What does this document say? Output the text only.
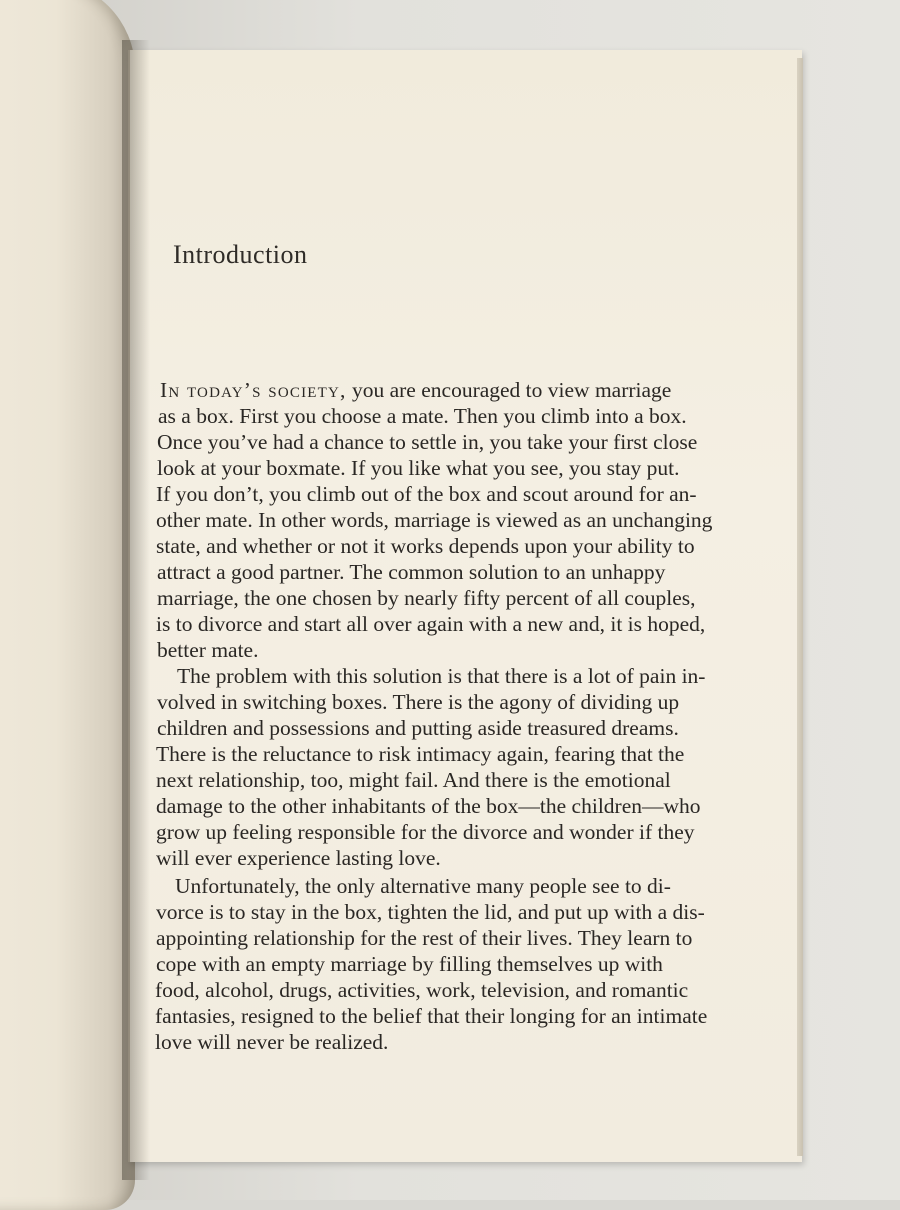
Introduction
In today’s society, you are encouraged to view marriage
as a box. First you choose a mate. Then you climb into a box.
Once you’ve had a chance to settle in, you take your first close
look at your boxmate. If you like what you see, you stay put.
If you don’t, you climb out of the box and scout around for an-
other mate. In other words, marriage is viewed as an unchanging
state, and whether or not it works depends upon your ability to
attract a good partner. The common solution to an unhappy
marriage, the one chosen by nearly fifty percent of all couples,
is to divorce and start all over again with a new and, it is hoped,
better mate.
The problem with this solution is that there is a lot of pain in-
volved in switching boxes. There is the agony of dividing up
children and possessions and putting aside treasured dreams.
There is the reluctance to risk intimacy again, fearing that the
next relationship, too, might fail. And there is the emotional
damage to the other inhabitants of the box—the children—who
grow up feeling responsible for the divorce and wonder if they
will ever experience lasting love.
Unfortunately, the only alternative many people see to di-
vorce is to stay in the box, tighten the lid, and put up with a dis-
appointing relationship for the rest of their lives. They learn to
cope with an empty marriage by filling themselves up with
food, alcohol, drugs, activities, work, television, and romantic
fantasies, resigned to the belief that their longing for an intimate
love will never be realized.
